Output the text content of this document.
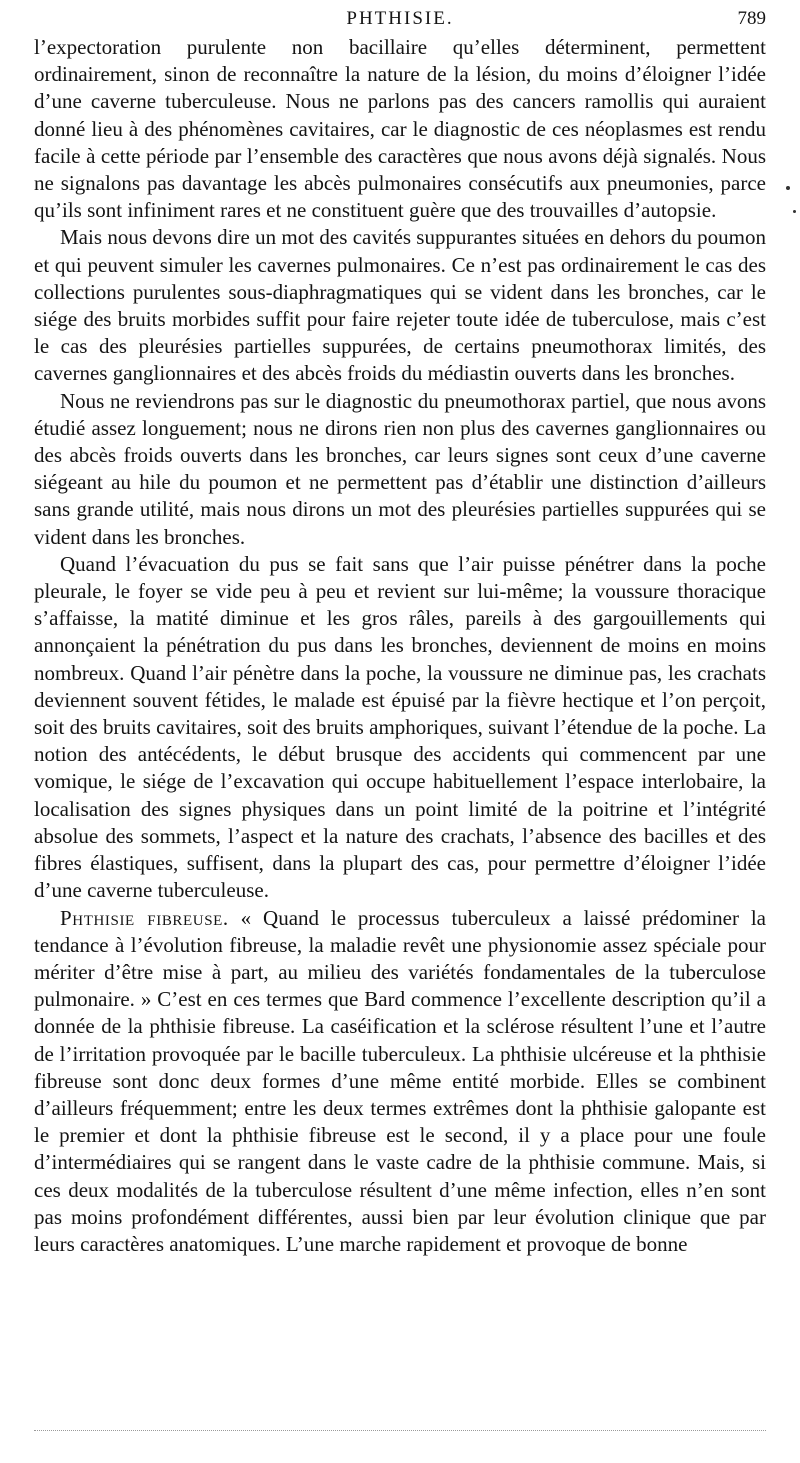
PHTHISIE.	789

l’expectoration purulente non bacillaire qu’elles déterminent, permettent ordinairement, sinon de reconnaître la nature de la lésion, du moins d’éloigner l’idée d’une caverne tuberculeuse. Nous ne parlons pas des cancers ramollis qui auraient donné lieu à des phénomènes cavitaires, car le diagnostic de ces néoplasmes est rendu facile à cette période par l’ensemble des caractères que nous avons déjà signalés. Nous ne signalons pas davantage les abcès pulmonaires consécutifs aux pneumonies, parce qu’ils sont infiniment rares et ne constituent guère que des trouvailles d’autopsie.

Mais nous devons dire un mot des cavités suppurantes situées en dehors du poumon et qui peuvent simuler les cavernes pulmonaires. Ce n’est pas ordinairement le cas des collections purulentes sous-diaphragmatiques qui se vident dans les bronches, car le siége des bruits morbides suffit pour faire rejeter toute idée de tuberculose, mais c’est le cas des pleurésies partielles suppurées, de certains pneumothorax limités, des cavernes ganglionnaires et des abcès froids du médiastin ouverts dans les bronches.

Nous ne reviendrons pas sur le diagnostic du pneumothorax partiel, que nous avons étudié assez longuement; nous ne dirons rien non plus des cavernes ganglionnaires ou des abcès froids ouverts dans les bronches, car leurs signes sont ceux d’une caverne siégeant au hile du poumon et ne permettent pas d’établir une distinction d’ailleurs sans grande utilité, mais nous dirons un mot des pleurésies partielles suppurées qui se vident dans les bronches.

Quand l’évacuation du pus se fait sans que l’air puisse pénétrer dans la poche pleurale, le foyer se vide peu à peu et revient sur lui-même; la voussure thoracique s’affaisse, la matité diminue et les gros râles, pareils à des gargouillements qui annonçaient la pénétration du pus dans les bronches, deviennent de moins en moins nombreux. Quand l’air pénètre dans la poche, la voussure ne diminue pas, les crachats deviennent souvent fétides, le malade est épuisé par la fièvre hectique et l’on perçoit, soit des bruits cavitaires, soit des bruits amphoriques, suivant l’étendue de la poche. La notion des antécédents, le début brusque des accidents qui commencent par une vomique, le siége de l’excavation qui occupe habituellement l’espace interlobaire, la localisation des signes physiques dans un point limité de la poitrine et l’intégrité absolue des sommets, l’aspect et la nature des crachats, l’absence des bacilles et des fibres élastiques, suffisent, dans la plupart des cas, pour permettre d’éloigner l’idée d’une caverne tuberculeuse.

Phthisie fibreuse. « Quand le processus tuberculeux a laissé prédominer la tendance à l’évolution fibreuse, la maladie revêt une physionomie assez spéciale pour mériter d’être mise à part, au milieu des variétés fondamentales de la tuberculose pulmonaire. » C’est en ces termes que Bard commence l’excellente description qu’il a donnée de la phthisie fibreuse. La caséification et la sclérose résultent l’une et l’autre de l’irritation provoquée par le bacille tuberculeux. La phthisie ulcéreuse et la phthisie fibreuse sont donc deux formes d’une même entité morbide. Elles se combinent d’ailleurs fréquemment; entre les deux termes extrêmes dont la phthisie galopante est le premier et dont la phthisie fibreuse est le second, il y a place pour une foule d’intermédiaires qui se rangent dans le vaste cadre de la phthisie commune. Mais, si ces deux modalités de la tuberculose résultent d’une même infection, elles n’en sont pas moins profondément différentes, aussi bien par leur évolution clinique que par leurs caractères anatomiques. L’une marche rapidement et provoque de bonne
